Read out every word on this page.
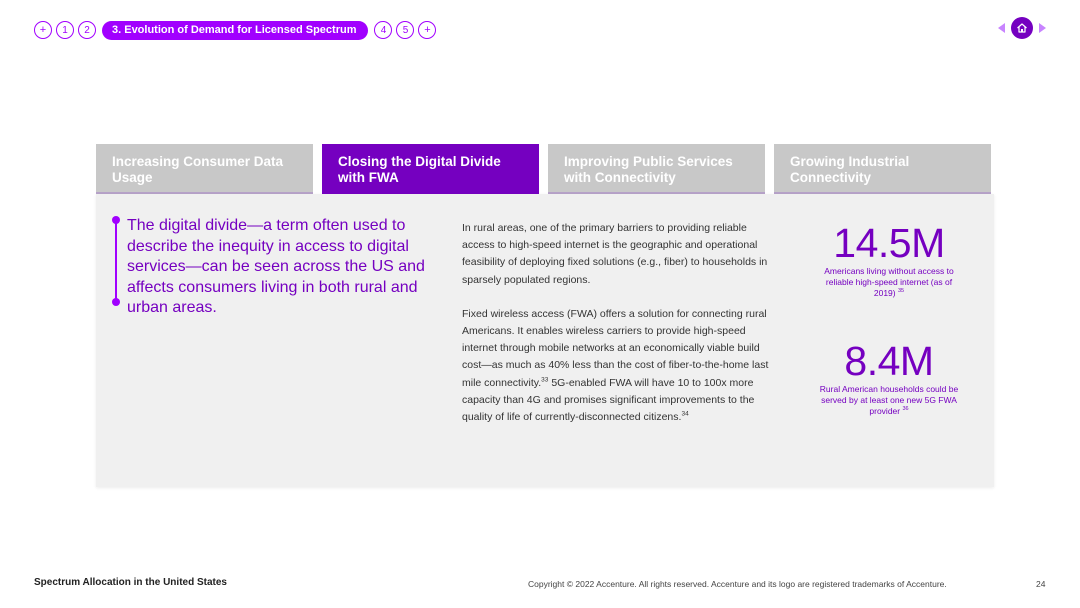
+	1	2	3. Evolution of Demand for Licensed Spectrum	4	5	+
Increasing Consumer Data Usage
Closing the Digital Divide with FWA
Improving Public Services with Connectivity
Growing Industrial Connectivity
The digital divide—a term often used to describe the inequity in access to digital services—can be seen across the US and affects consumers living in both rural and urban areas.

In rural areas, one of the primary barriers to providing reliable access to high-speed internet is the geographic and operational feasibility of deploying fixed solutions (e.g., fiber) to households in sparsely populated regions.

Fixed wireless access (FWA) offers a solution for connecting rural Americans. It enables wireless carriers to provide high-speed internet through mobile networks at an economically viable build cost—as much as 40% less than the cost of fiber-to-the-home last mile connectivity.$^{33}$ 5G-enabled FWA will have 10 to 100x more capacity than 4G and promises significant improvements to the quality of life of currently-disconnected citizens.$^{34}$

14.5M
Americans living without access to reliable high-speed internet (as of 2019) $^{35}$
8.4M
Rural American households could be served by at least one new 5G FWA provider $^{36}$
Spectrum Allocation in the United States	Copyright © 2022 Accenture. All rights reserved. Accenture and its logo are registered trademarks of Accenture.	24
